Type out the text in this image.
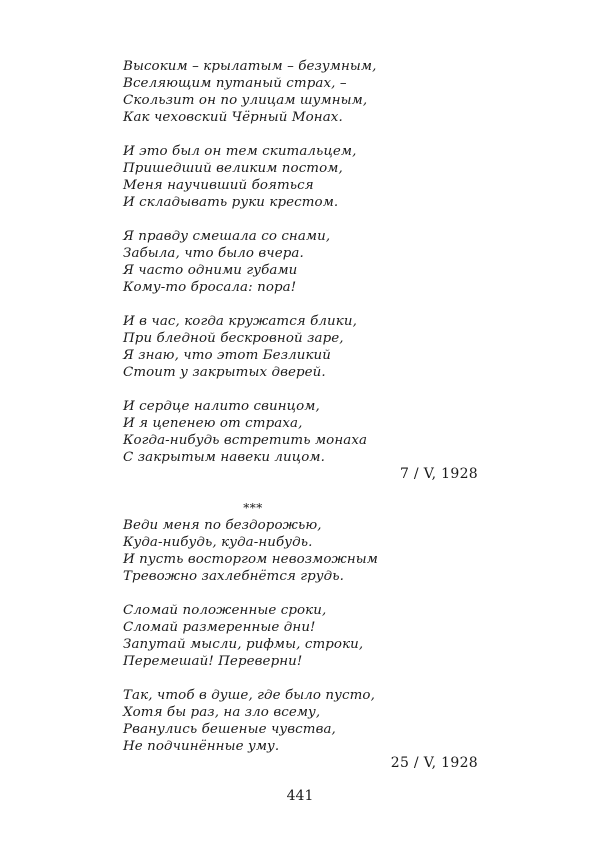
Высоким – крылатым – безумным,
Вселяющим путаный страх, –
Скользит он по улицам шумным,
Как чеховский Чёрный Монах.
И это был он тем скитальцем,
Пришедший великим постом,
Меня научивший бояться
И складывать руки крестом.
Я правду смешала со снами,
Забыла, что было вчера.
Я часто одними губами
Кому-то бросала: пора!
И в час, когда кружатся блики,
При бледной бескровной заре,
Я знаю, что этот Безликий
Стоит у закрытых дверей.
И сердце налито свинцом,
И я цепенею от страха,
Когда-нибудь встретить монаха
С закрытым навеки лицом.
7 / V, 1928
***
Веди меня по бездорожью,
Куда-нибудь, куда-нибудь.
И пусть восторгом невозможным
Тревожно захлебнётся грудь.
Сломай положенные сроки,
Сломай размеренные дни!
Запутай мысли, рифмы, строки,
Перемешай! Переверни!
Так, чтоб в душе, где было пусто,
Хотя бы раз, на зло всему,
Рванулись бешеные чувства,
Не подчинённые уму.
25 / V, 1928
441
